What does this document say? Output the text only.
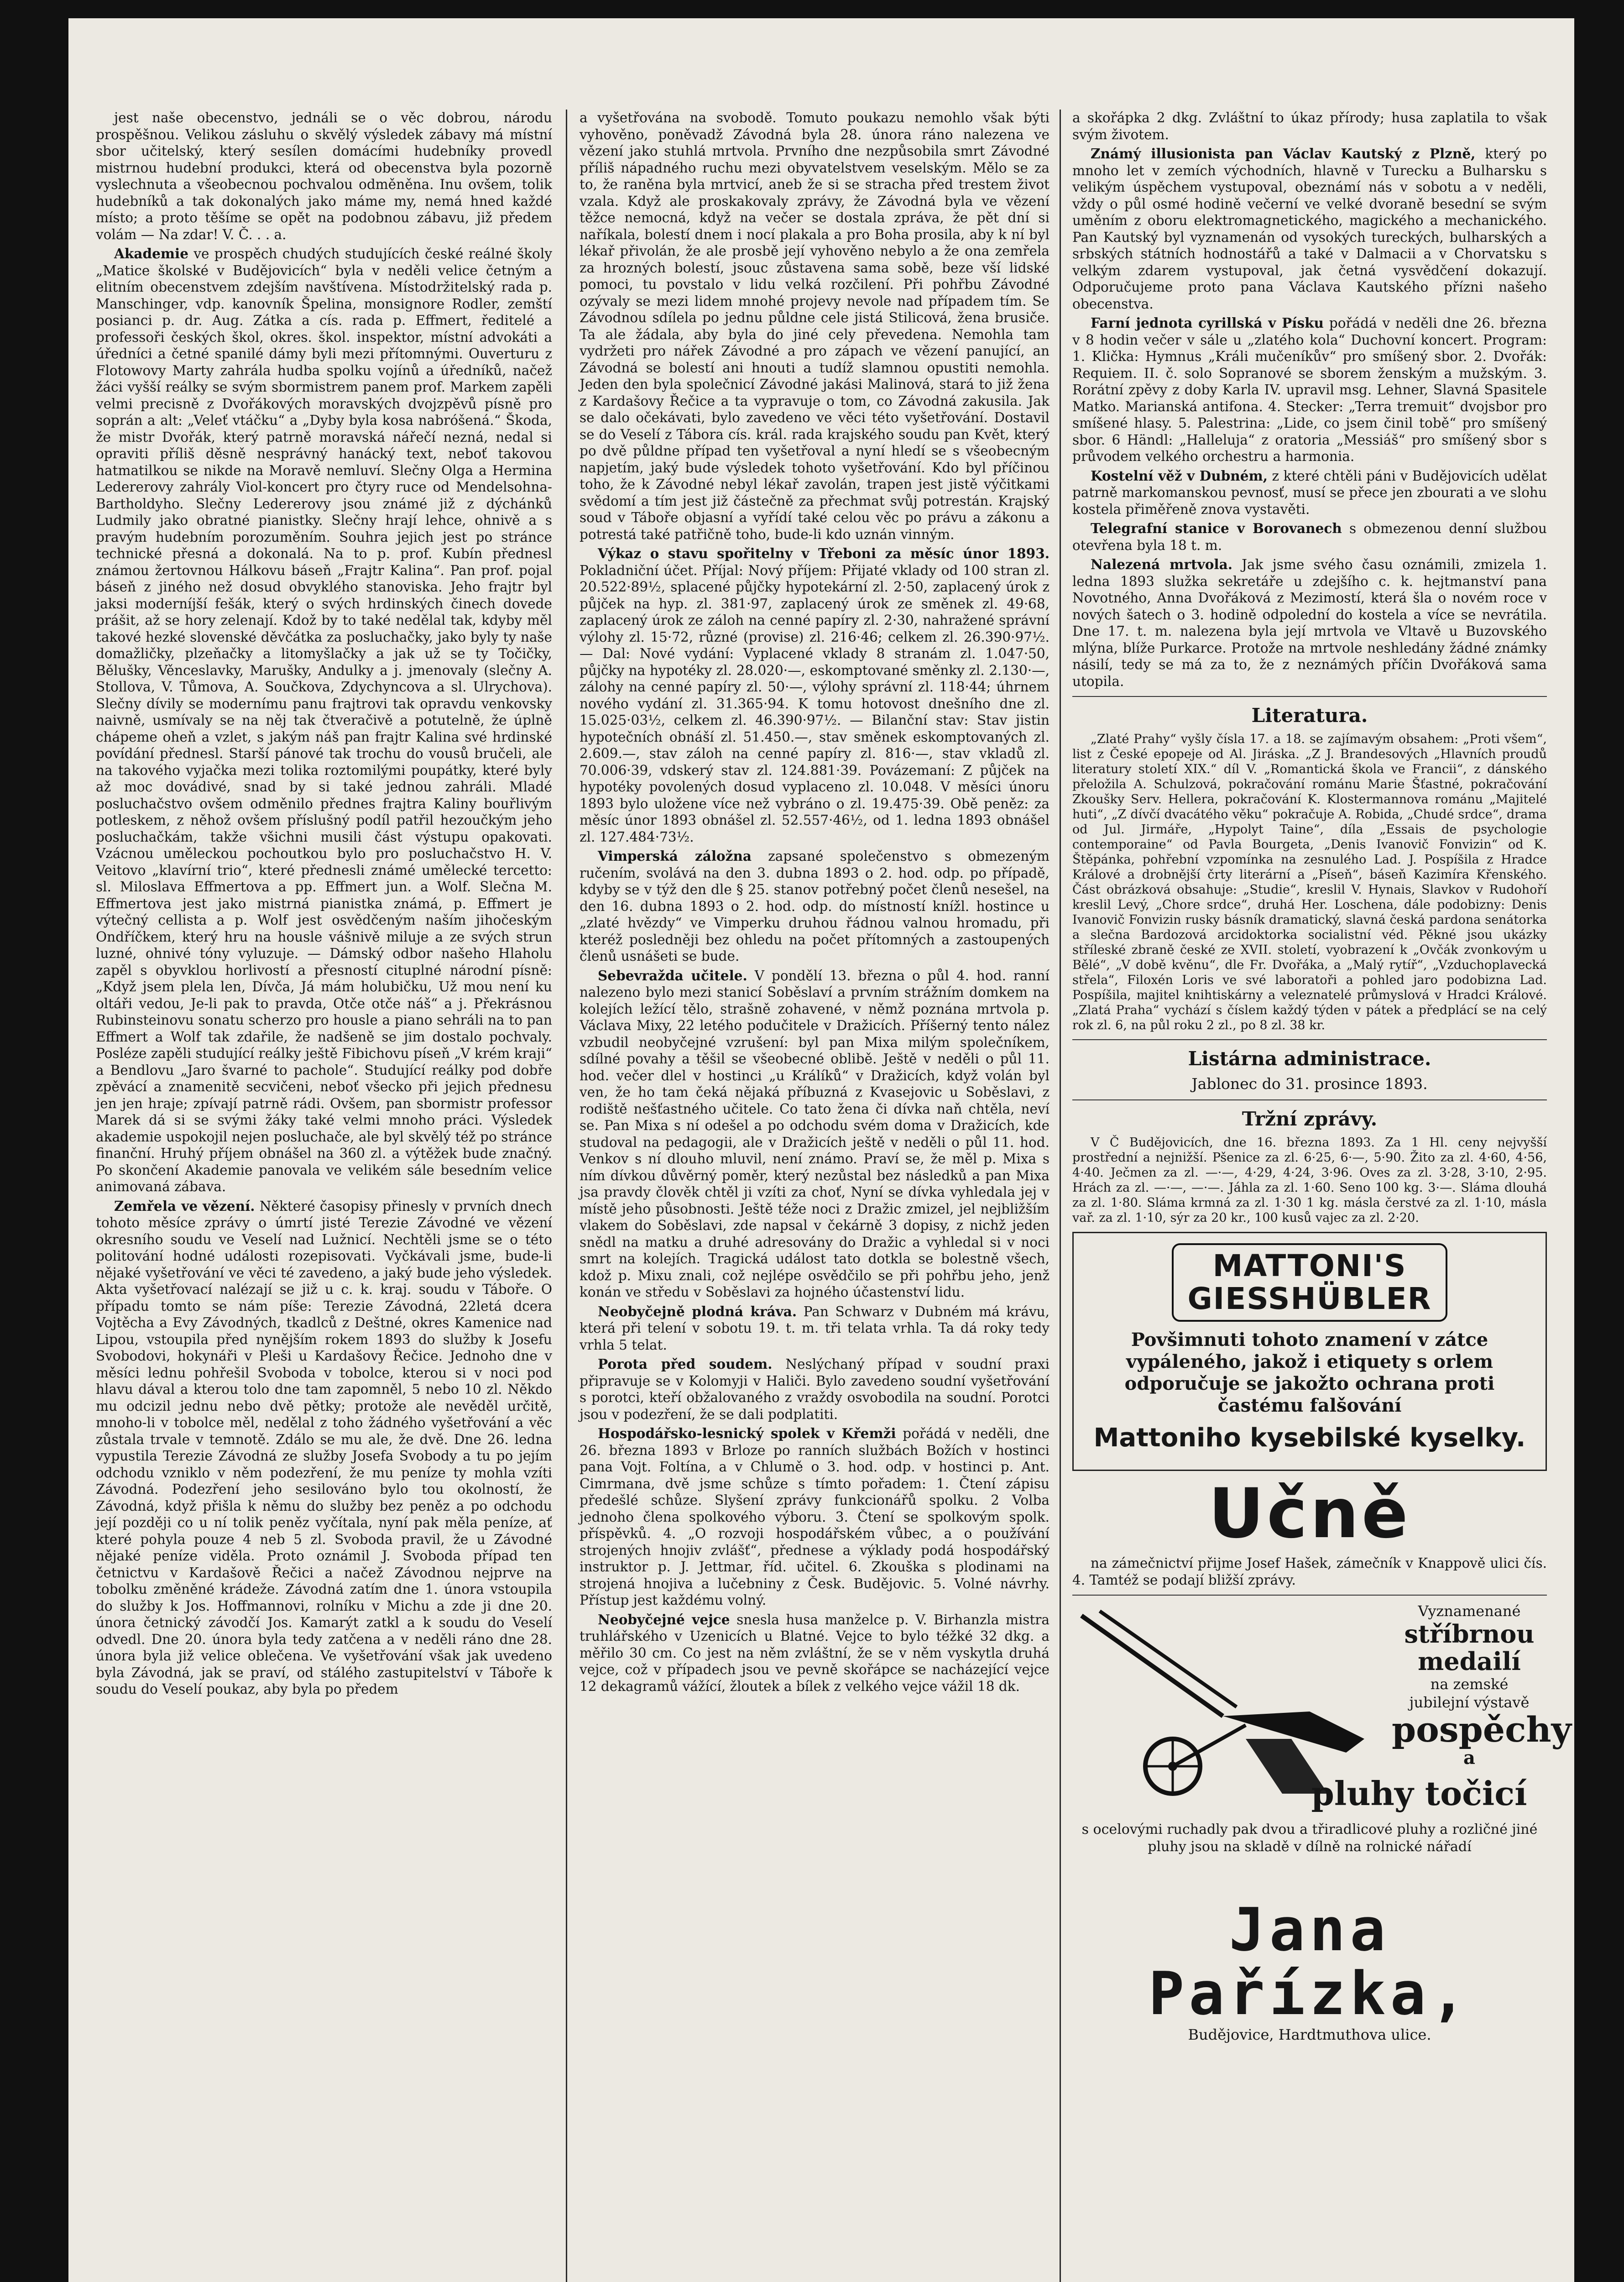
jest naše obecenstvo, jednáli se o věc dobrou, národu prospěšnou. Velikou zásluhu o skvělý výsledek zábavy má místní sbor učitelský, který sesílen domácími hudebníky provedl mistrnou hudební produkci, která od obecenstva byla pozorně vyslechnuta a všeobecnou pochvalou odměněna. Inu ovšem, tolik hudebníků a tak dokonalých jako máme my, nemá hned každé místo; a proto těšíme se opět na podobnou zábavu, již předem volám — Na zdar! V. Č. . . a.

Akademie ve prospěch chudých studujících české reálné školy „Matice školské v Budějovicích“ byla v neděli velice četným a elitním obecenstvem zdejším navštívena. Místodržitelský rada p. Manschinger, vdp. kanovník Špelina, monsignore Rodler, zemští posianci p. dr. Aug. Zátka a cís. rada p. Effmert, ředitelé a professoři českých škol, okres. škol. inspektor, místní advokáti a úředníci a četné spanilé dámy byli mezi přítomnými. Ouverturu z Flotowovy Marty zahrála hudba spolku vojínů a úředníků, načež žáci vyšší reálky se svým sbormistrem panem prof. Markem zapěli velmi precisně z Dvořákových moravských dvojzpěvů písně pro soprán a alt: „Veleť vtáčku“ a „Dyby byla kosa nabróšená.“ Škoda, že mistr Dvořák, který patrně moravská nářečí nezná, nedal si opraviti příliš děsně nesprávný hanácký text, neboť takovou hatmatilkou se nikde na Moravě nemluví. Slečny Olga a Hermina Ledererovy zahrály Viol-koncert pro čtyry ruce od Mendelsohna-Bartholdyho. Slečny Ledererovy jsou známé již z dýchánků Ludmily jako obratné pianistky. Slečny hrají lehce, ohnivě a s pravým hudebním porozuměním. Souhra jejich jest po stránce technické přesná a dokonalá. Na to p. prof. Kubín přednesl známou žertovnou Hálkovu báseň „Frajtr Kalina“. Pan prof. pojal báseň z jiného než dosud obvyklého stanoviska. Jeho frajtr byl jaksi moderníjší fešák, který o svých hrdinských činech dovede prášit, až se hory zelenají. Kdož by to také nedělal tak, kdyby měl takové hezké slovenské děvčátka za posluchačky, jako byly ty naše domažličky, plzeňačky a litomyšlačky a jak už se ty Točičky, Bělušky, Věnceslavky, Marušky, Andulky a j. jmenovaly (slečny A. Stollova, V. Tůmova, A. Součkova, Zdychyncova a sl. Ulrychova). Slečny dívily se modernímu panu frajtrovi tak opravdu venkovsky naivně, usmívaly se na něj tak čtveračivě a potutelně, že úplně chápeme oheň a vzlet, s jakým náš pan frajtr Kalina své hrdinské povídání přednesl. Starší pánové tak trochu do vousů bručeli, ale na takového vyjačka mezi tolika roztomilými poupátky, které byly až moc dovádivé, snad by si také jednou zahráli. Mladé posluchačstvo ovšem odměnilo přednes frajtra Kaliny bouřlivým potleskem, z něhož ovšem příslušný podíl patřil hezoučkým jeho posluchačkám, takže všichni musili část výstupu opakovati. Vzácnou uměleckou pochoutkou bylo pro posluchačstvo H. V. Veitovo „klavírní trio“, které přednesli známé umělecké tercetto: sl. Miloslava Effmertova a pp. Effmert jun. a Wolf. Slečna M. Effmertova jest jako mistrná pianistka známá, p. Effmert je výtečný cellista a p. Wolf jest osvědčeným naším jihočeským Ondříčkem, který hru na housle vášnivě miluje a ze svých strun luzné, ohnivé tóny vyluzuje. — Dámský odbor našeho Hlaholu zapěl s obyvklou horlivostí a přesností cituplné národní písně: „Když jsem plela len, Dívča, Já mám holubičku, Už mou není ku oltáři vedou, Je-li pak to pravda, Otče otče náš“ a j. Překrásnou Rubinsteinovu sonatu scherzo pro housle a piano sehráli na to pan Effmert a Wolf tak zdařile, že nadšeně se jim dostalo pochvaly. Posléze zapěli studující reálky ještě Fibichovu píseň „V krém kraji“ a Bendlovu „Jaro švarné to pachole“. Studující reálky pod dobře zpěvácí a znamenitě secvičeni, neboť všecko při jejich přednesu jen jen hraje; zpívají patrně rádi. Ovšem, pan sbormistr professor Marek dá si se svými žáky také velmi mnoho práci. Výsledek akademie uspokojil nejen posluchače, ale byl skvělý též po stránce finanční. Hruhý příjem obnášel na 360 zl. a výtěžek bude značný. Po skončení Akademie panovala ve velikém sále besedním velice animovaná zábava.

Zemřela ve vězení. Některé časopisy přinesly v prvních dnech tohoto měsíce zprávy o úmrtí jisté Terezie Závodné ve vězení okresního soudu ve Veselí nad Lužnicí. Nechtěli jsme se o této politování hodné události rozepisovati. Vyčkávali jsme, bude-li nějaké vyšetřování ve věci té zavedeno, a jaký bude jeho výsledek. Akta vyšetřovací nalézají se již u c. k. kraj. soudu v Táboře. O případu tomto se nám píše: Terezie Závodná, 22letá dcera Vojtěcha a Evy Závodných, tkadlců z Deštné, okres Kamenice nad Lipou, vstoupila před nynějším rokem 1893 do služby k Josefu Svobodovi, hokynáři v Pleši u Kardašovy Řečice. Jednoho dne v měsíci lednu pohřešil Svoboda v tobolce, kterou si v noci pod hlavu dával a kterou tolo dne tam zapomněl, 5 nebo 10 zl. Někdo mu odcizil jednu nebo dvě pětky; protože ale nevěděl určitě, mnoho-li v tobolce měl, nedělal z toho žádného vyšetřování a věc zůstala trvale v temnotě. Zdálo se mu ale, že dvě. Dne 26. ledna vypustila Terezie Závodná ze služby Josefa Svobody a tu po jejím odchodu vzniklo v něm podezření, že mu peníze ty mohla vzíti Závodná. Podezření jeho sesilováno bylo tou okolností, že Závodná, když přišla k němu do služby bez peněz a po odchodu její později co u ní tolik peněz vyčítala, nyní pak měla peníze, ať které pohyla pouze 4 neb 5 zl. Svoboda pravil, že u Závodné nějaké peníze viděla. Proto oznámil J. Svoboda případ ten četnictvu v Kardašově Řečici a načež Závodnou nejprve na tobolku změněné krádeže. Závodná zatím dne 1. února vstoupila do služby k Jos. Hoffmannovi, rolníku v Michu a zde ji dne 20. února četnický závodčí Jos. Kamarýt zatkl a k soudu do Veselí odvedl. Dne 20. února byla tedy zatčena a v neděli ráno dne 28. února byla již velice oblečena. Ve vyšetřování však jak uvedeno byla Závodná, jak se praví, od stálého zastupitelství v Táboře k soudu do Veselí poukaz, aby byla po předem

a vyšetřována na svobodě. Tomuto poukazu nemohlo však býti vyhověno, poněvadž Závodná byla 28. února ráno nalezena ve vězení jako stuhlá mrtvola. Prvního dne nezpůsobila smrt Závodné příliš nápadného ruchu mezi obyvatelstvem veselským. Mělo se za to, že raněna byla mrtvicí, aneb že si se stracha před trestem život vzala. Když ale proskakovaly zprávy, že Závodná byla ve vězení těžce nemocná, když na večer se dostala zpráva, že pět dní si naříkala, bolestí dnem i nocí plakala a pro Boha prosila, aby k ní byl lékař přivolán, že ale prosbě její vyhověno nebylo a že ona zemřela za hrozných bolestí, jsouc zůstavena sama sobě, beze vší lidské pomoci, tu povstalo v lidu velká rozčilení. Při pohřbu Závodné ozývaly se mezi lidem mnohé projevy nevole nad případem tím. Se Závodnou sdílela po jednu půldne cele jistá Stilicová, žena brusiče. Ta ale žádala, aby byla do jiné cely převedena. Nemohla tam vydržeti pro nářek Závodné a pro zápach ve vězení panující, an Závodná se bolestí ani hnouti a tudíž slamnou opustiti nemohla. Jeden den byla společnicí Závodné jakási Malinová, stará to již žena z Kardašovy Řečice a ta vypravuje o tom, co Závodná zakusila. Jak se dalo očekávati, bylo zavedeno ve věci této vyšetřování. Dostavil se do Veselí z Tábora cís. král. rada krajského soudu pan Květ, který po dvě půldne případ ten vyšetřoval a nyní hledí se s všeobecným napjetím, jaký bude výsledek tohoto vyšetřování. Kdo byl příčinou toho, že k Závodné nebyl lékař zavolán, trapen jest jistě výčitkami svědomí a tím jest již částečně za přechmat svůj potrestán. Krajský soud v Táboře objasní a vyřídí také celou věc po právu a zákonu a potrestá také patřičně toho, bude-li kdo uznán vinným.

Výkaz o stavu spořitelny v Třeboni za měsíc únor 1893. Pokladniční účet. Příjal: Nový příjem: Přijaté vklady od 100 stran zl. 20.522·89½, splacené půjčky hypotekární zl. 2·50, zaplacený úrok z půjček na hyp. zl. 381·97, zaplacený úrok ze směnek zl. 49·68, zaplacený úrok ze záloh na cenné papíry zl. 2·30, nahražené správní výlohy zl. 15·72, různé (provise) zl. 216·46; celkem zl. 26.390·97½. — Dal: Nové vydání: Vyplacené vklady 8 stranám zl. 1.047·50, půjčky na hypotéky zl. 28.020·—, eskomptované směnky zl. 2.130·—, zálohy na cenné papíry zl. 50·—, výlohy správní zl. 118·44; úhrnem nového vydání zl. 31.365·94. K tomu hotovost dnešního dne zl. 15.025·03½, celkem zl. 46.390·97½. — Bilanční stav: Stav jistin hypotečních obnáší zl. 51.450.—, stav směnek eskomptovaných zl. 2.609.—, stav záloh na cenné papíry zl. 816·—, stav vkladů zl. 70.006·39, vdskerý stav zl. 124.881·39. Povázemaní: Z půjček na hypotéky povolených dosud vyplaceno zl. 10.048. V měsíci únoru 1893 bylo uložene více než vybráno o zl. 19.475·39. Obě peněz: za měsíc únor 1893 obnášel zl. 52.557·46½, od 1. ledna 1893 obnášel zl. 127.484·73½.

Vimperská záložna zapsané společenstvo s obmezeným ručením, svolává na den 3. dubna 1893 o 2. hod. odp. po případě, kdyby se v týž den dle § 25. stanov potřebný počet členů nesešel, na den 16. dubna 1893 o 2. hod. odp. do místností knížl. hostince u „zlaté hvězdy“ ve Vimperku druhou řádnou valnou hromadu, při kteréž posledněji bez ohledu na počet přítomných a zastoupených členů usnášeti se bude.

Sebevražda učitele. V pondělí 13. března o půl 4. hod. ranní nalezeno bylo mezi stanicí Soběslaví a prvním strážním domkem na kolejích ležící tělo, strašně zohavené, v němž poznána mrtvola p. Václava Mixy, 22 letého podučitele v Dražicích. Příšerný tento nález vzbudil neobyčejné vzrušení: byl pan Mixa milým společníkem, sdílné povahy a těšil se všeobecné oblibě. Ještě v neděli o půl 11. hod. večer dlel v hostinci „u Králíků“ v Dražicích, když volán byl ven, že ho tam čeká nějaká příbuzná z Kvasejovic u Soběslavi, z rodiště nešťastného učitele. Co tato žena či dívka naň chtěla, neví se. Pan Mixa s ní odešel a po odchodu svém doma v Dražicích, kde studoval na pedagogii, ale v Dražicích ještě v neděli o půl 11. hod. Venkov s ní dlouho mluvil, není známo. Praví se, že měl p. Mixa s ním dívkou důvěrný poměr, který nezůstal bez následků a pan Mixa jsa pravdy člověk chtěl ji vzíti za choť, Nyní se dívka vyhledala jej v místě jeho působnosti. Ještě téže noci z Dražic zmizel, jel nejbližším vlakem do Soběslavi, zde napsal v čekárně 3 dopisy, z nichž jeden snědl na matku a druhé adresovány do Dražic a vyhledal si v noci smrt na kolejích. Tragická událost tato dotkla se bolestně všech, kdož p. Mixu znali, což nejlépe osvědčilo se při pohřbu jeho, jenž konán ve středu v Soběslavi za hojného účastenství lidu.

Neobyčejně plodná kráva. Pan Schwarz v Dubném má krávu, která při telení v sobotu 19. t. m. tři telata vrhla. Ta dá roky tedy vrhla 5 telat.

Porota před soudem. Neslýchaný případ v soudní praxi připravuje se v Kolomyji v Haliči. Bylo zavedeno soudní vyšetřování s porotci, kteří obžalovaného z vraždy osvobodila na soudní. Porotci jsou v podezření, že se dali podplatiti.

Hospodářsko-lesnický spolek v Křemži pořádá v neděli, dne 26. března 1893 v Brloze po ranních službách Božích v hostinci pana Vojt. Foltína, a v Chlumě o 3. hod. odp. v hostinci p. Ant. Cimrmana, dvě jsme schůze s tímto pořadem: 1. Čtení zápisu předešlé schůze. Slyšení zprávy funkcionářů spolku. 2 Volba jednoho člena spolkového výboru. 3. Čtení se spolkovým spolk. příspěvků. 4. „O rozvoji hospodářském vůbec, a o používání strojených hnojiv zvlášť“, přednese a výklady podá hospodářský instruktor p. J. Jettmar, říd. učitel. 6. Zkouška s plodinami na strojená hnojiva a lučebniny z Česk. Budějovic. 5. Volné návrhy. Přístup jest každému volný.

Neobyčejné vejce snesla husa manželce p. V. Birhanzla mistra truhlářského v Uzenicích u Blatné. Vejce to bylo téžké 32 dkg. a měřilo 30 cm. Co jest na něm zvláštní, že se v něm vyskytla druhá vejce, což v případech jsou ve pevně skořápce se nacházející vejce 12 dekagramů vážící, žloutek a bílek z velkého vejce vážil 18 dk.

a skořápka 2 dkg. Zvláštní to úkaz přírody; husa zaplatila to však svým životem.

Známý illusionista pan Václav Kautský z Plzně, který po mnoho let v zemích východních, hlavně v Turecku a Bulharsku s velikým úspěchem vystupoval, obeznámí nás v sobotu a v neděli, vždy o půl osmé hodině večerní ve velké dvoraně besední se svým uměním z oboru elektromagnetického, magického a mechanického. Pan Kautský byl vyznamenán od vysokých tureckých, bulharských a srbských státních hodnostářů a také v Dalmacii a v Chorvatsku s velkým zdarem vystupoval, jak četná vysvědčení dokazují. Odporučujeme proto pana Václava Kautského přízni našeho obecenstva.

Farní jednota cyrillská v Písku pořádá v neděli dne 26. března v 8 hodin večer v sále u „zlatého kola“ Duchovní koncert. Program: 1. Klička: Hymnus „Králi mučeníkův“ pro smíšený sbor. 2. Dvořák: Requiem. II. č. solo Sopranové se sborem ženským a mužským. 3. Rorátní zpěvy z doby Karla IV. upravil msg. Lehner, Slavná Spasitele Matko. Marianská antifona. 4. Stecker: „Terra tremuit“ dvojsbor pro smíšené hlasy. 5. Palestrina: „Lide, co jsem činil tobě“ pro smíšený sbor. 6 Händl: „Halleluja“ z oratoria „Messiáš“ pro smíšený sbor s průvodem velkého orchestru a harmonia.

Kostelní věž v Dubném, z které chtěli páni v Budějovicích udělat patrně markomanskou pevnosť, musí se přece jen zbourati a ve slohu kostela přiměřeně znova vystavěti.

Telegrafní stanice v Borovanech s obmezenou denní službou otevřena byla 18 t. m.

Nalezená mrtvola. Jak jsme svého času oznámili, zmizela 1. ledna 1893 služka sekretáře u zdejšího c. k. hejtmanství pana Novotného, Anna Dvořáková z Mezimostí, která šla o novém roce v nových šatech o 3. hodině odpolední do kostela a více se nevrátila. Dne 17. t. m. nalezena byla její mrtvola ve Vltavě u Buzovského mlýna, blíže Purkarce. Protože na mrtvole neshledány žádné známky násilí, tedy se má za to, že z neznámých příčin Dvořáková sama utopila.

Literatura.

„Zlaté Prahy“ vyšly čísla 17. a 18. se zajímavým obsahem: „Proti všem“, list z České epopeje od Al. Jiráska. „Z J. Brandesových „Hlavních proudů literatury století XIX.“ díl V. „Romantická škola ve Francii“, z dánského přeložila A. Schulzová, pokračování románu Marie Šťastné, pokračování Zkoušky Serv. Hellera, pokračování K. Klostermannova románu „Majitelé huti“, „Z dívčí dvacátého věku“ pokračuje A. Robida, „Chudé srdce“, drama od Jul. Jirmáře, „Hypolyt Taine“, díla „Essais de psychologie contemporaine“ od Pavla Bourgeta, „Denis Ivanovič Fonvizin“ od K. Štěpánka, pohřební vzpomínka na zesnulého Lad. J. Pospíšila z Hradce Králové a drobnější črty literární a „Píseň“, báseň Kazimíra Křenského. Část obrázková obsahuje: „Studie“, kreslil V. Hynais, Slavkov v Rudohoří kreslil Levý, „Chore srdce“, druhá Her. Loschena, dále podobizny: Denis Ivanovič Fonvizin rusky básník dramatický, slavná česká pardona senátorka a slečna Bardozová arcidoktorka socialistní véd. Pěkné jsou ukázky stříleské zbraně české ze XVII. století, vyobrazení k „Ovčák zvonkovým u Bělé“, „V době kvěnu“, dle Fr. Dvořáka, a „Malý rytíř“, „Vzduchoplavecká střela“, Filoxén Loris ve své laboratoři a pohled jaro podobizna Lad. Pospíšila, majitel knihtiskárny a veleznatelé průmyslová v Hradci Králové. „Zlatá Praha“ vychází s číslem každý týden v pátek a předplácí se na celý rok zl. 6, na půl roku 2 zl., po 8 zl. 38 kr.

Listárna administrace.
Jablonec do 31. prosince 1893.
Tržní zprávy.

V Č Budějovicích, dne 16. března 1893. Za 1 Hl. ceny nejvyšší prostřední a nejnižší. Pšenice za zl. 6·25, 6·—, 5·90. Žito za zl. 4·60, 4·56, 4·40. Ječmen za zl. —·—, 4·29, 4·24, 3·96. Oves za zl. 3·28, 3·10, 2·95. Hrách za zl. —·—, —·—. Jáhla za zl. 1·60. Seno 100 kg. 3·—. Sláma dlouhá za zl. 1·80. Sláma krmná za zl. 1·30 1 kg. másla čerstvé za zl. 1·10, másla vař. za zl. 1·10, sýr za 20 kr., 100 kusů vajec za zl. 2·20.

MATTONI'S
GIESSHÜBLER
Povšimnuti tohoto znamení v zátce vypáleného, jakož i etiquety s orlem odporučuje se jakožto ochrana proti častému falšování
Mattoniho kysebilské kyselky.
Učně

na zámečnictví přijme Josef Hašek, zámečník v Knappově ulici čís. 4. Tamtéž se podají bližší zprávy.

Vyznamenané
stříbrnou
medailí
na zemské jubilejní výstavě
pospěchy
a
pluhy točicí
s ocelovými ruchadly pak dvou a třiradlicové pluhy a rozličné jiné pluhy jsou na skladě v dílně na rolnické nářadí
Jana Pařízka,
Budějovice, Hardtmuthova ulice.
